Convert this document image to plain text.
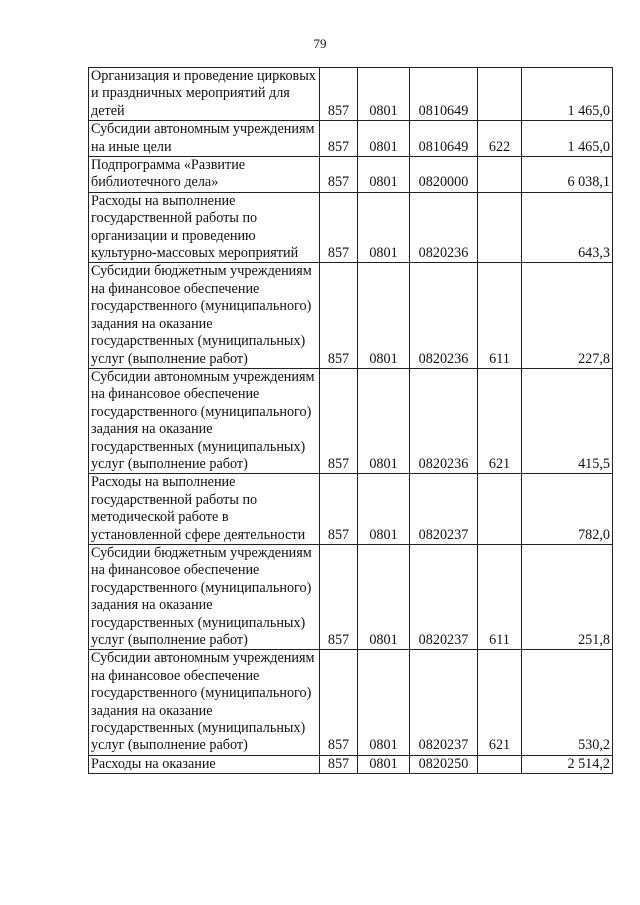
79
Организация и проведение цирковых и праздничных мероприятий для детей	857	0801	0810649		1 465,0
Субсидии автономным учреждениям на иные цели	857	0801	0810649	622	1 465,0
Подпрограмма «Развитие библиотечного дела»	857	0801	0820000		6 038,1
Расходы на выполнение государственной работы по организации и проведению культурно-массовых мероприятий	857	0801	0820236		643,3
Субсидии бюджетным учреждениям на финансовое обеспечение государственного (муниципального) задания на оказание государственных (муниципальных) услуг (выполнение работ)	857	0801	0820236	611	227,8
Субсидии автономным учреждениям на финансовое обеспечение государственного (муниципального) задания на оказание государственных (муниципальных) услуг (выполнение работ)	857	0801	0820236	621	415,5
Расходы на выполнение государственной работы по методической работе в установленной сфере деятельности	857	0801	0820237		782,0
Субсидии бюджетным учреждениям на финансовое обеспечение государственного (муниципального) задания на оказание государственных (муниципальных) услуг (выполнение работ)	857	0801	0820237	611	251,8
Субсидии автономным учреждениям на финансовое обеспечение государственного (муниципального) задания на оказание государственных (муниципальных) услуг (выполнение работ)	857	0801	0820237	621	530,2
Расходы на оказание	857	0801	0820250		2 514,2
